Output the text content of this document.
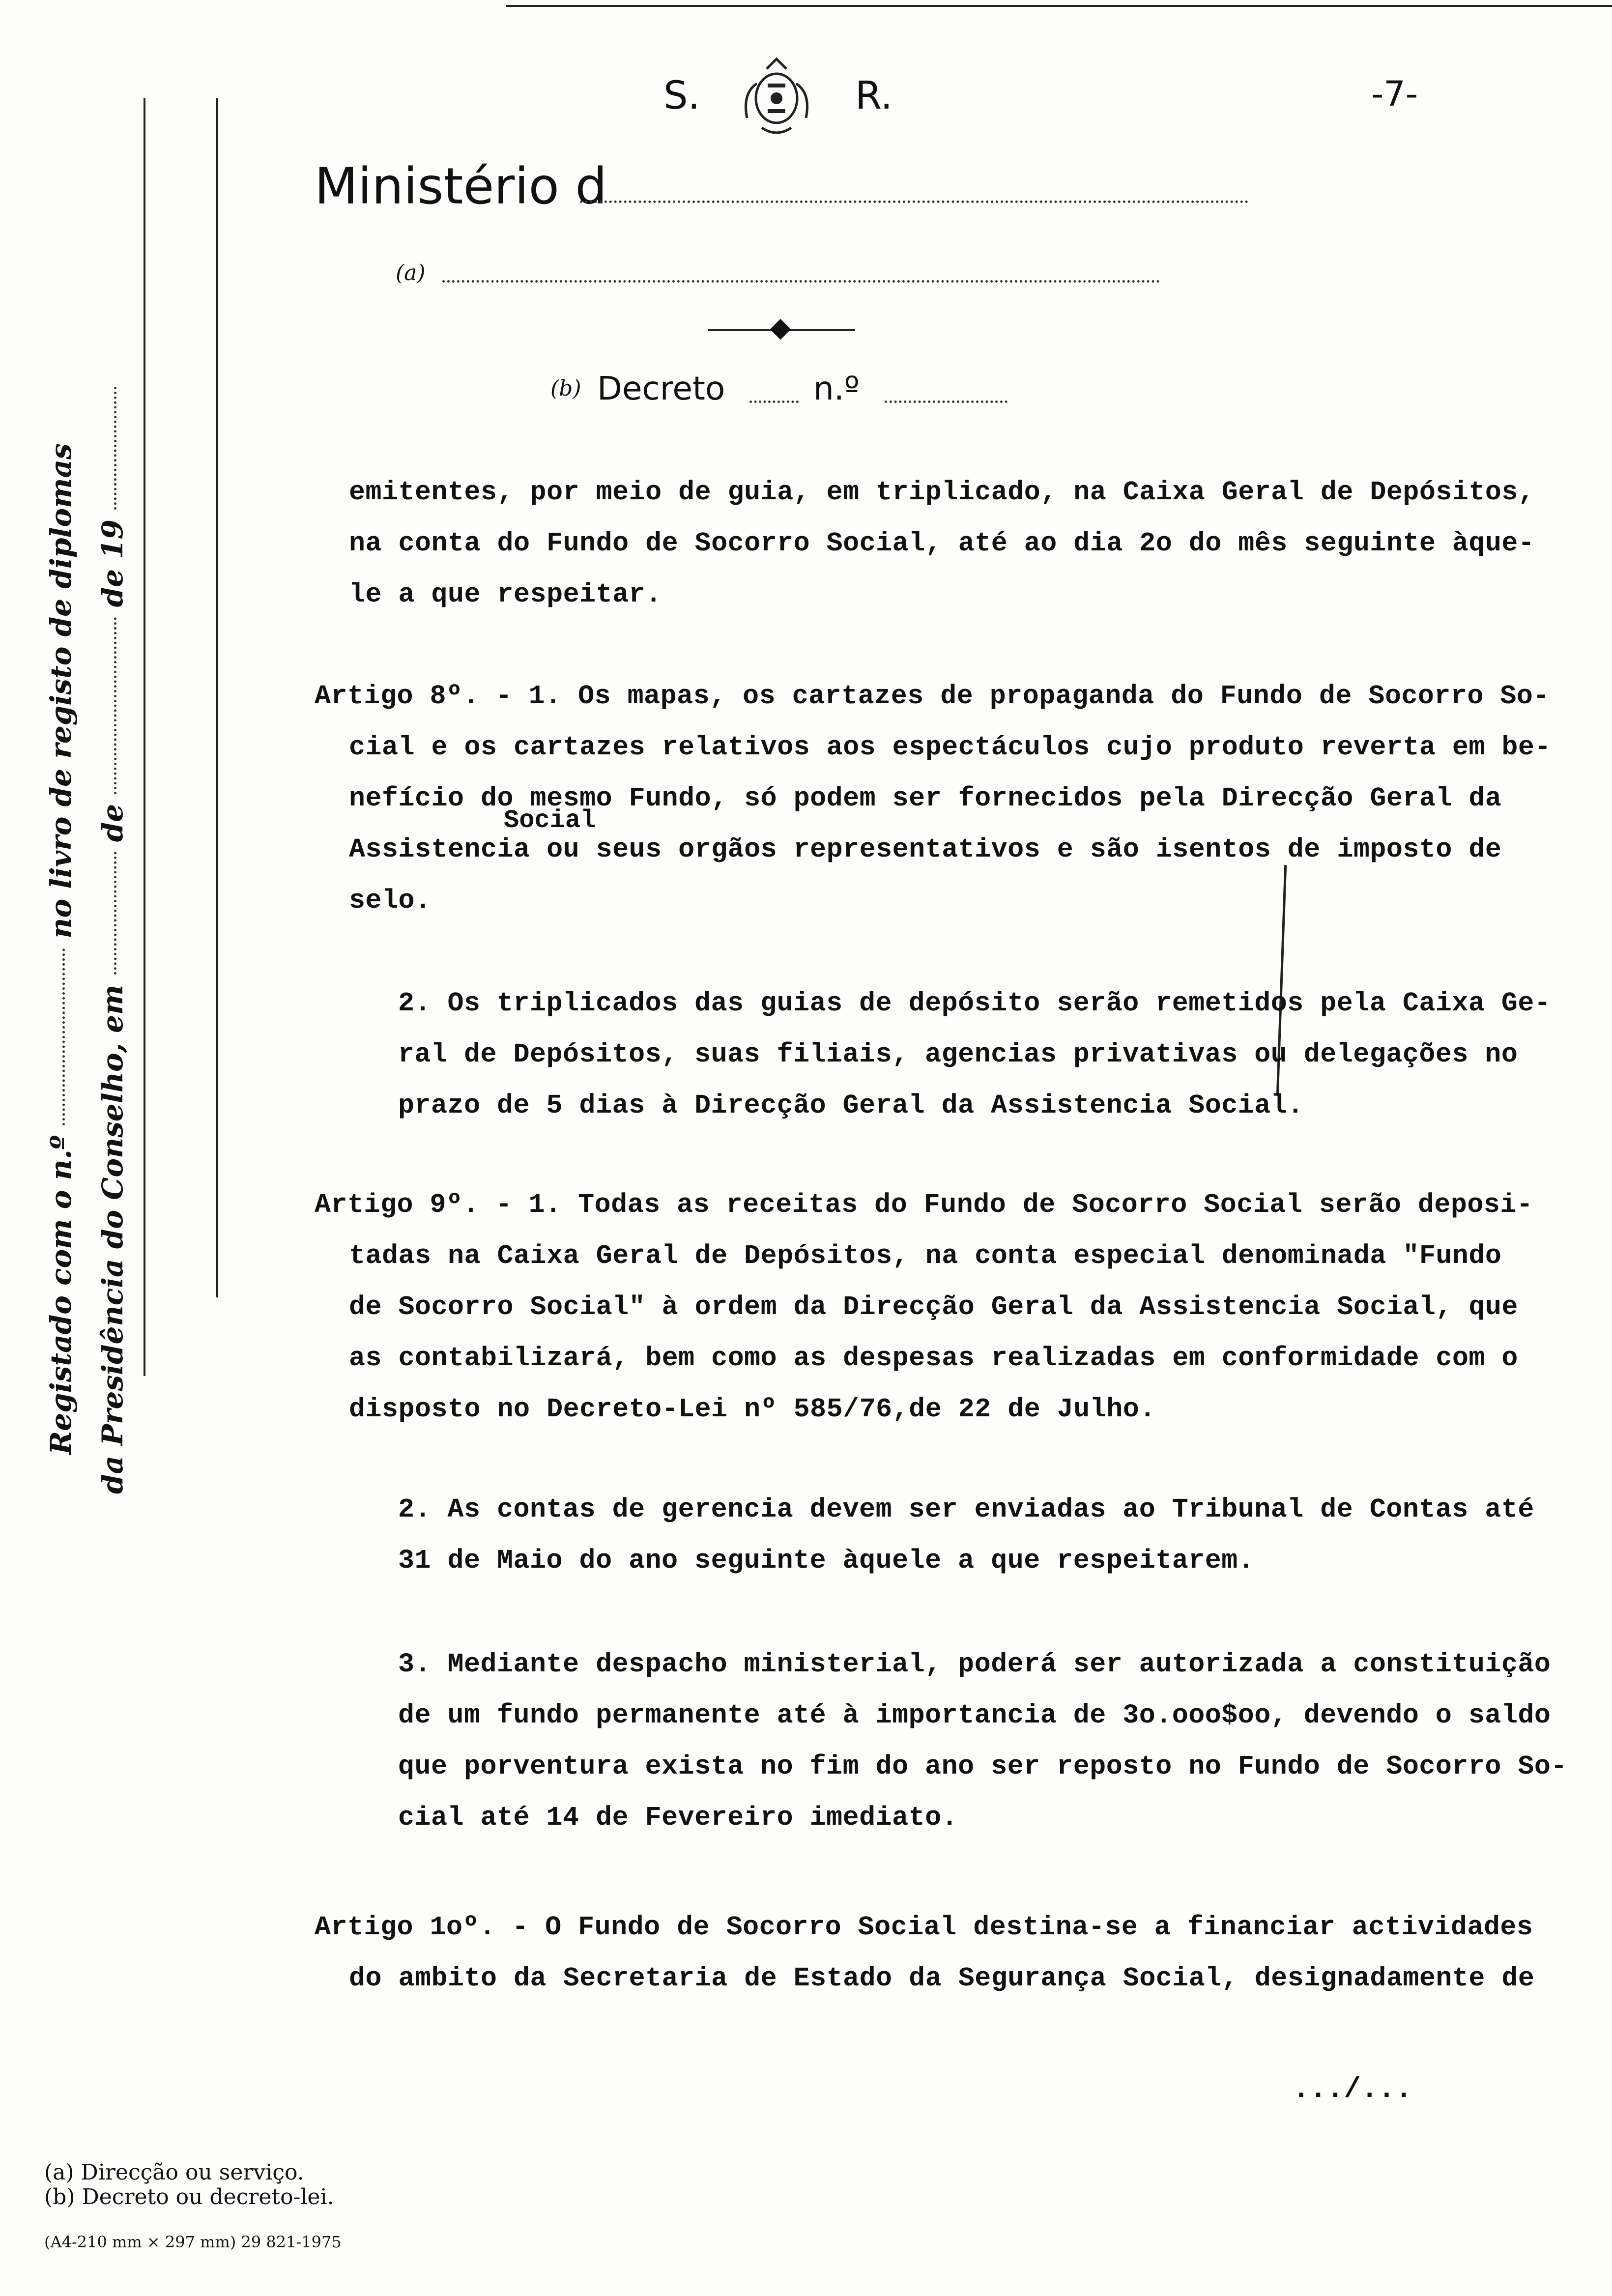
S.	R.	-7-
Ministério d
(a)
(b) Decreto	n.º
Registado com o n.º  no livro de registo de diplomas
da Presidência do Conselho, em  de  de 19
emitentes, por meio de guia, em triplicado, na Caixa Geral de Depósitos,
na conta do Fundo de Socorro Social, até ao dia 2o do mês seguinte àque-
le a que respeitar.
Artigo 8º. - 1. Os mapas, os cartazes de propaganda do Fundo de Socorro So-
cial e os cartazes relativos aos espectáculos cujo produto reverta em be-
nefício do mesmo Fundo, só podem ser fornecidos pela Direcção Geral da
Assistencia ou seus orgãos representativos e são isentos de imposto de
selo.
Social
2. Os triplicados das guias de depósito serão remetidos pela Caixa Ge-
ral de Depósitos, suas filiais, agencias privativas ou delegações no
prazo de 5 dias à Direcção Geral da Assistencia Social.
Artigo 9º. - 1. Todas as receitas do Fundo de Socorro Social serão deposi-
tadas na Caixa Geral de Depósitos, na conta especial denominada "Fundo
de Socorro Social" à ordem da Direcção Geral da Assistencia Social, que
as contabilizará, bem como as despesas realizadas em conformidade com o
disposto no Decreto-Lei nº 585/76,de 22 de Julho.
2. As contas de gerencia devem ser enviadas ao Tribunal de Contas até
31 de Maio do ano seguinte àquele a que respeitarem.
3. Mediante despacho ministerial, poderá ser autorizada a constituição
de um fundo permanente até à importancia de 3o.ooo$oo, devendo o saldo
que porventura exista no fim do ano ser reposto no Fundo de Socorro So-
cial até 14 de Fevereiro imediato.
Artigo 1oº. - O Fundo de Socorro Social destina-se a financiar actividades
do ambito da Secretaria de Estado da Segurança Social, designadamente de
.../...
(a) Direcção ou serviço.
(b) Decreto ou decreto-lei.
(A4-210 mm × 297 mm) 29 821-1975
